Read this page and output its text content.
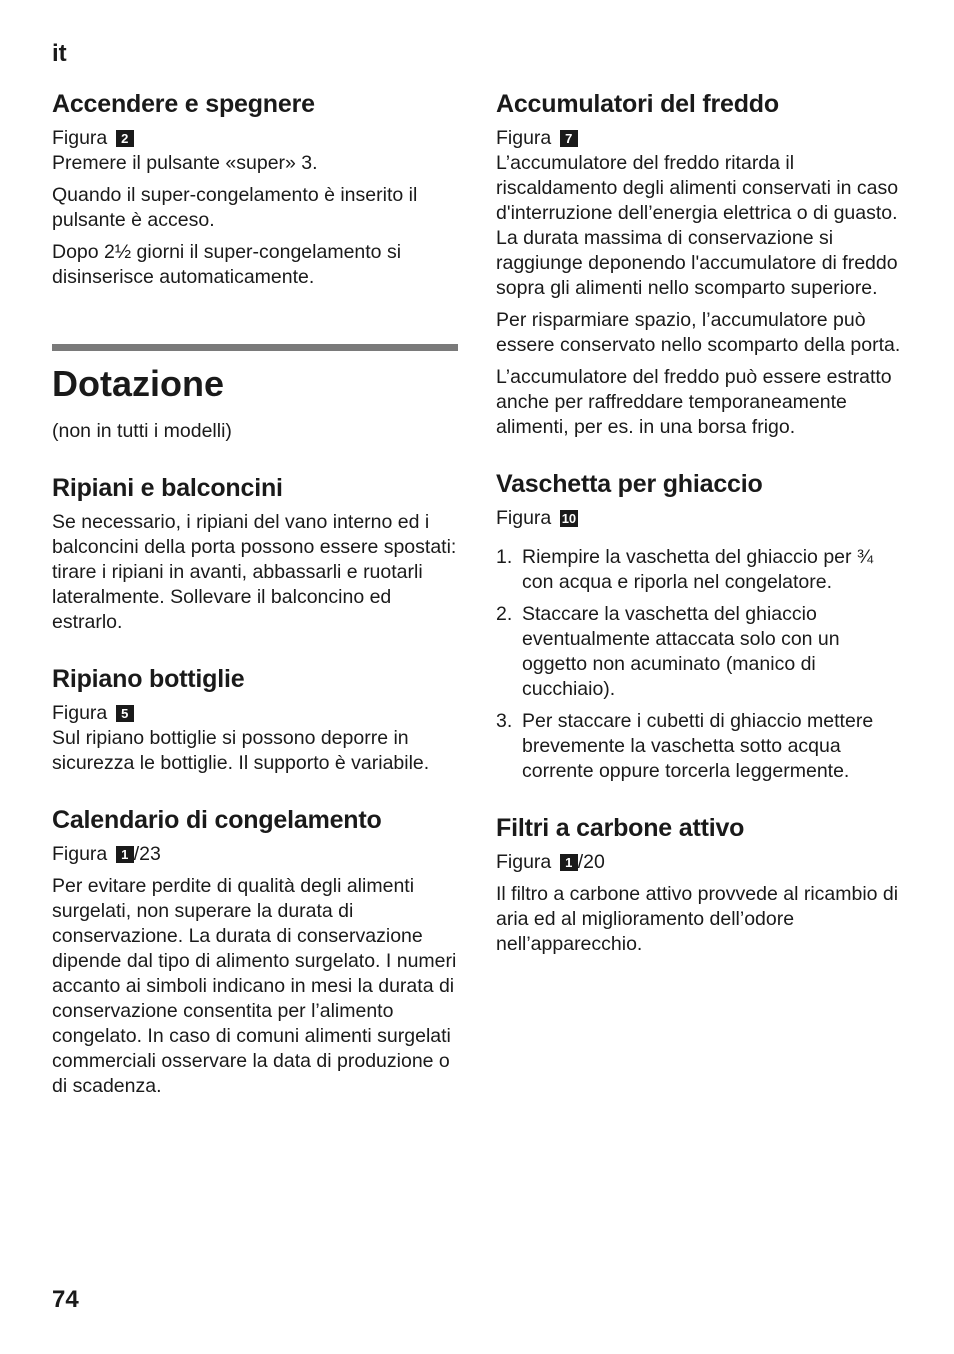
it
Accendere e spegnere
Figura 2

Premere il pulsante «super» 3.

Quando il super-congelamento è inserito il pulsante è acceso.

Dopo 2½ giorni il super-congelamento si disinserisce automaticamente.

Dotazione

(non in tutti i modelli)

Ripiani e balconcini

Se necessario, i ripiani del vano interno ed i balconcini della porta possono essere spostati: tirare i ripiani in avanti, abbassarli e ruotarli lateralmente. Sollevare il balconcino ed estrarlo.

Ripiano bottiglie
Figura 5

Sul ripiano bottiglie si possono deporre in sicurezza le bottiglie. Il supporto è variabile.

Calendario di congelamento
Figura 1 /23

Per evitare perdite di qualità degli alimenti surgelati, non superare la durata di conservazione. La durata di conservazione dipende dal tipo di alimento surgelato. I numeri accanto ai simboli indicano in mesi la durata di conservazione consentita per l’alimento congelato. In caso di comuni alimenti surgelati commerciali osservare la data di produzione o di scadenza.

Accumulatori del freddo
Figura 7

L’accumulatore del freddo ritarda il riscaldamento degli alimenti conservati in caso d'interruzione dell’energia elettrica o di guasto. La durata massima di conservazione si raggiunge deponendo l'accumulatore di freddo sopra gli alimenti nello scomparto superiore.

Per risparmiare spazio, l’accumulatore può essere conservato nello scomparto della porta.

L’accumulatore del freddo può essere estratto anche per raffreddare temporaneamente alimenti, per es. in una borsa frigo.

Vaschetta per ghiaccio
Figura 10
1. Riempire la vaschetta del ghiaccio per ¾ con acqua e riporla nel congelatore.
2. Staccare la vaschetta del ghiaccio eventualmente attaccata solo con un oggetto non acuminato (manico di cucchiaio).
3. Per staccare i cubetti di ghiaccio mettere brevemente la vaschetta sotto acqua corrente oppure torcerla leggermente.
Filtri a carbone attivo
Figura 1 /20

Il filtro a carbone attivo provvede al ricambio di aria ed al miglioramento dell’odore nell’apparecchio.

74
